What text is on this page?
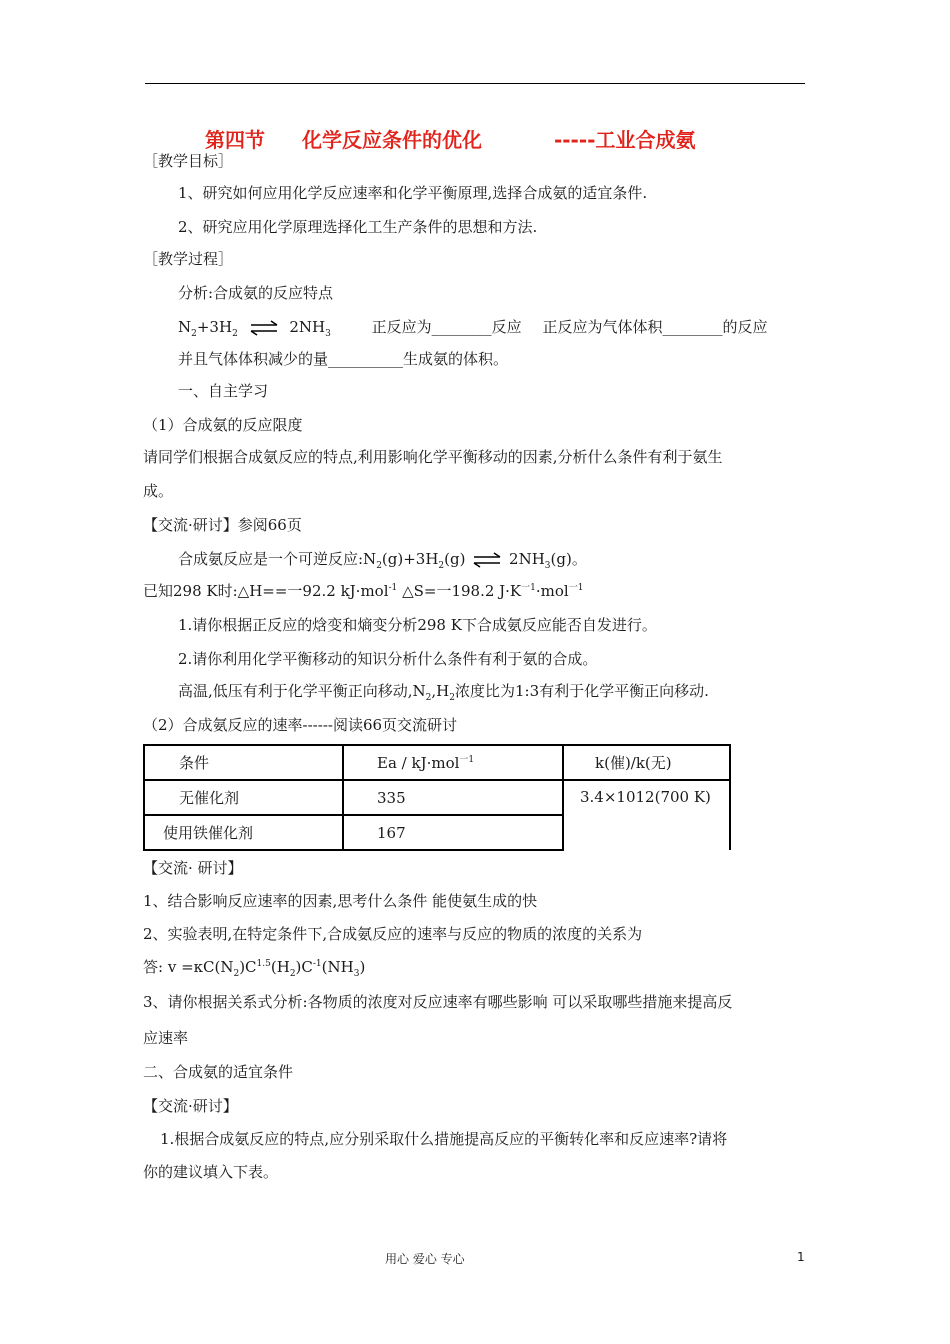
第四节 化学反应条件的优化	-----工业合成氨
［教学目标］
1、研究如何应用化学反应速率和化学平衡原理,选择合成氨的适宜条件.
2、研究应用化学原理选择化工生产条件的思想和方法.
［教学过程］
分析:合成氨的反应特点
$N_2+3H_2$ ⇌ $2NH_3$	正反应为________反应 正反应为气体体积________的反应
并且气体体积减少的量__________生成氨的体积。
一、自主学习
（1）合成氨的反应限度
请同学们根据合成氨反应的特点,利用影响化学平衡移动的因素,分析什么条件有利于氨生
成。
【交流·研讨】参阅66页
合成氨反应是一个可逆反应$:N_2(g)+3H_2(g)$ ⇌ $2NH_3(g)$。
已知298 K时:△H==一92.2 kJ·mol$^{-1}$ △S=一198.2 $J\cdot K^{一1}\cdot mol^{一1}$
1.请你根据正反应的焓变和熵变分析298 K下合成氨反应能否自发进行。
2.请你利用化学平衡移动的知识分析什么条件有利于氨的合成。
高温,低压有利于化学平衡正向移动$,N_2,H_2$浓度比为1:3有利于化学平衡正向移动.
（2）合成氨反应的速率------阅读66页交流研讨
条件	Ea / kJ·mol$^{一1}$	k(催)/k(无)
无催化剂	335	3.4×1012(700 K)
使用铁催化剂	167	
【交流· 研讨】
1、结合影响反应速率的因素,思考什么条件 能使氨生成的快
2、实验表明,在特定条件下,合成氨反应的速率与反应的物质的浓度的关系为
答: $v =\kappa C(N_2)C^{1.5}(H_2)C^{-1}(NH_3)$
3、请你根据关系式分析:各物质的浓度对反应速率有哪些影响 可以采取哪些措施来提高反
应速率
二、合成氨的适宜条件
【交流·研讨】
1.根据合成氨反应的特点,应分别采取什么措施提高反应的平衡转化率和反应速率?请将
你的建议填入下表。
用心 爱心 专心	1
